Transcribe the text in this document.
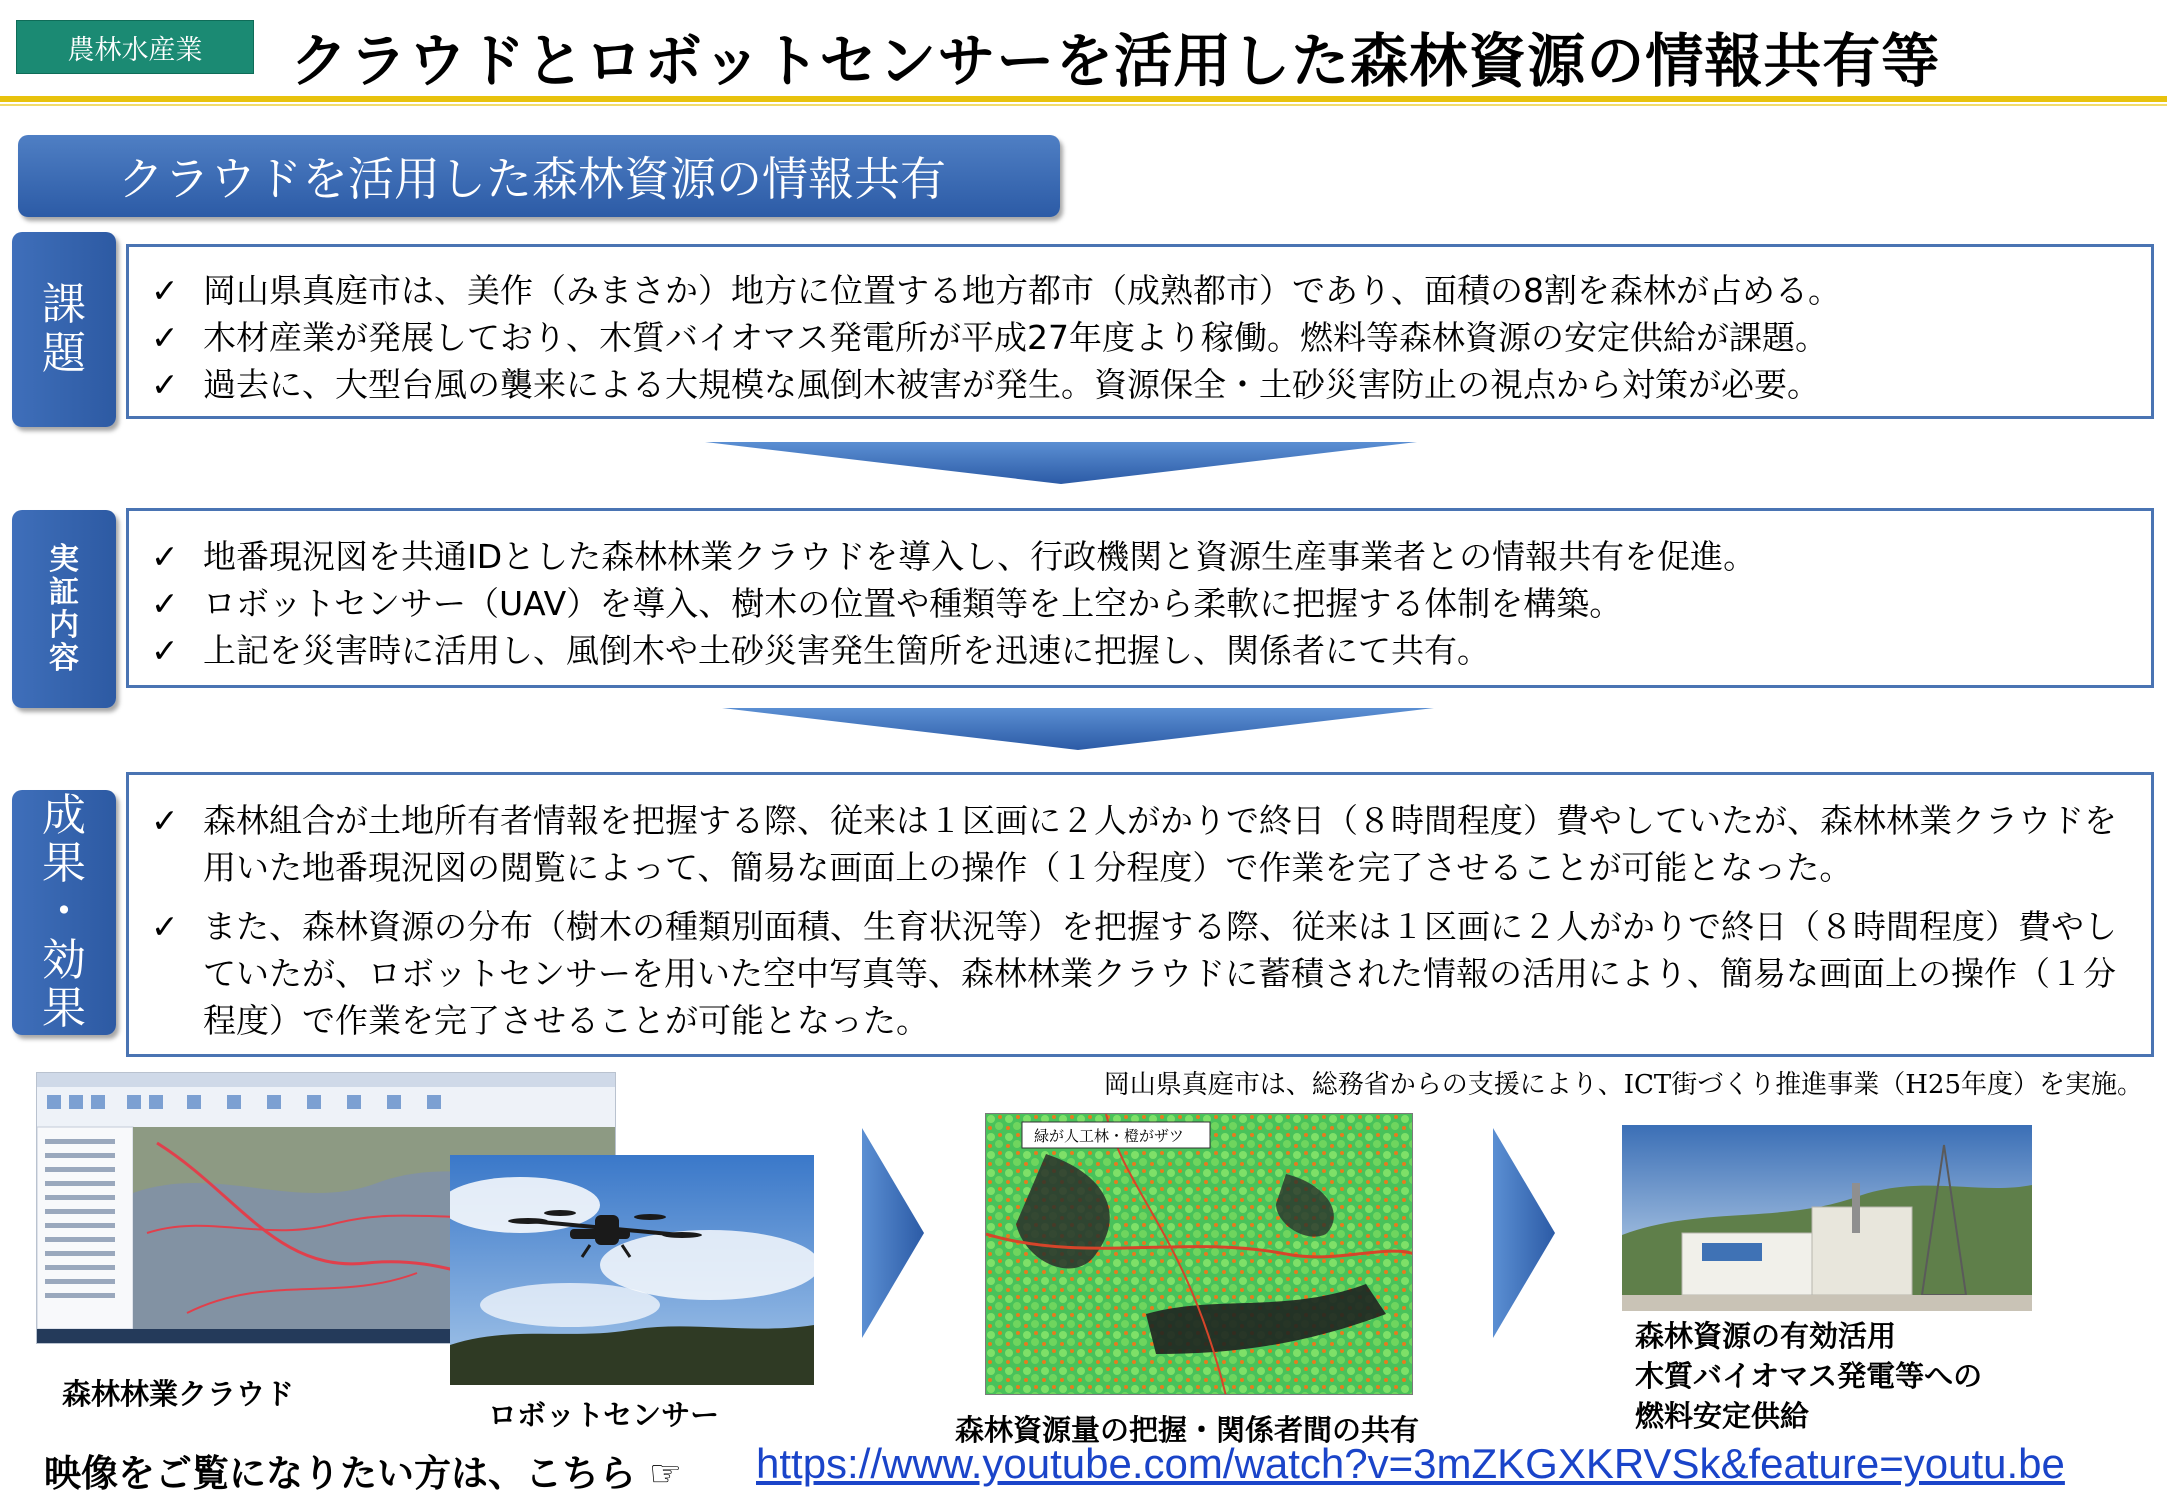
農林水産業	クラウドとロボットセンサーを活用した森林資源の情報共有等
クラウドを活用した森林資源の情報共有
課
題
✓ 岡山県真庭市は、美作（みまさか）地方に位置する地方都市（成熟都市）であり、面積の8割を森林が占める。
✓ 木材産業が発展しており、木質バイオマス発電所が平成27年度より稼働。燃料等森林資源の安定供給が課題。
✓ 過去に、大型台風の襲来による大規模な風倒木被害が発生。資源保全・土砂災害防止の視点から対策が必要。
実
証
内
容
✓ 地番現況図を共通IDとした森林林業クラウドを導入し、行政機関と資源生産事業者との情報共有を促進。
✓ ロボットセンサー（UAV）を導入、樹木の位置や種類等を上空から柔軟に把握する体制を構築。
✓ 上記を災害時に活用し、風倒木や土砂災害発生箇所を迅速に把握し、関係者にて共有。
成
果
・
効
果
✓ 森林組合が土地所有者情報を把握する際、従来は１区画に２人がかりで終日（８時間程度）費やしていたが、森林林業クラウドを用いた地番現況図の閲覧によって、簡易な画面上の操作（１分程度）で作業を完了させることが可能となった。
✓ また、森林資源の分布（樹木の種類別面積、生育状況等）を把握する際、従来は１区画に２人がかりで終日（８時間程度）費やしていたが、ロボットセンサーを用いた空中写真等、森林林業クラウドに蓄積された情報の活用により、簡易な画面上の操作（１分程度）で作業を完了させることが可能となった。
岡山県真庭市は、総務省からの支援により、ICT街づくり推進事業（H25年度）を実施。
緑が人工林・橙がザツ
森林林業クラウド
ロボットセンサー	森林資源量の把握・関係者間の共有
森林資源の有効活用
木質バイオマス発電等への
燃料安定供給
映像をご覧になりたい方は、こちら ☞ https://www.youtube.com/watch?v=3mZKGXKRVSk&feature=youtu.be
